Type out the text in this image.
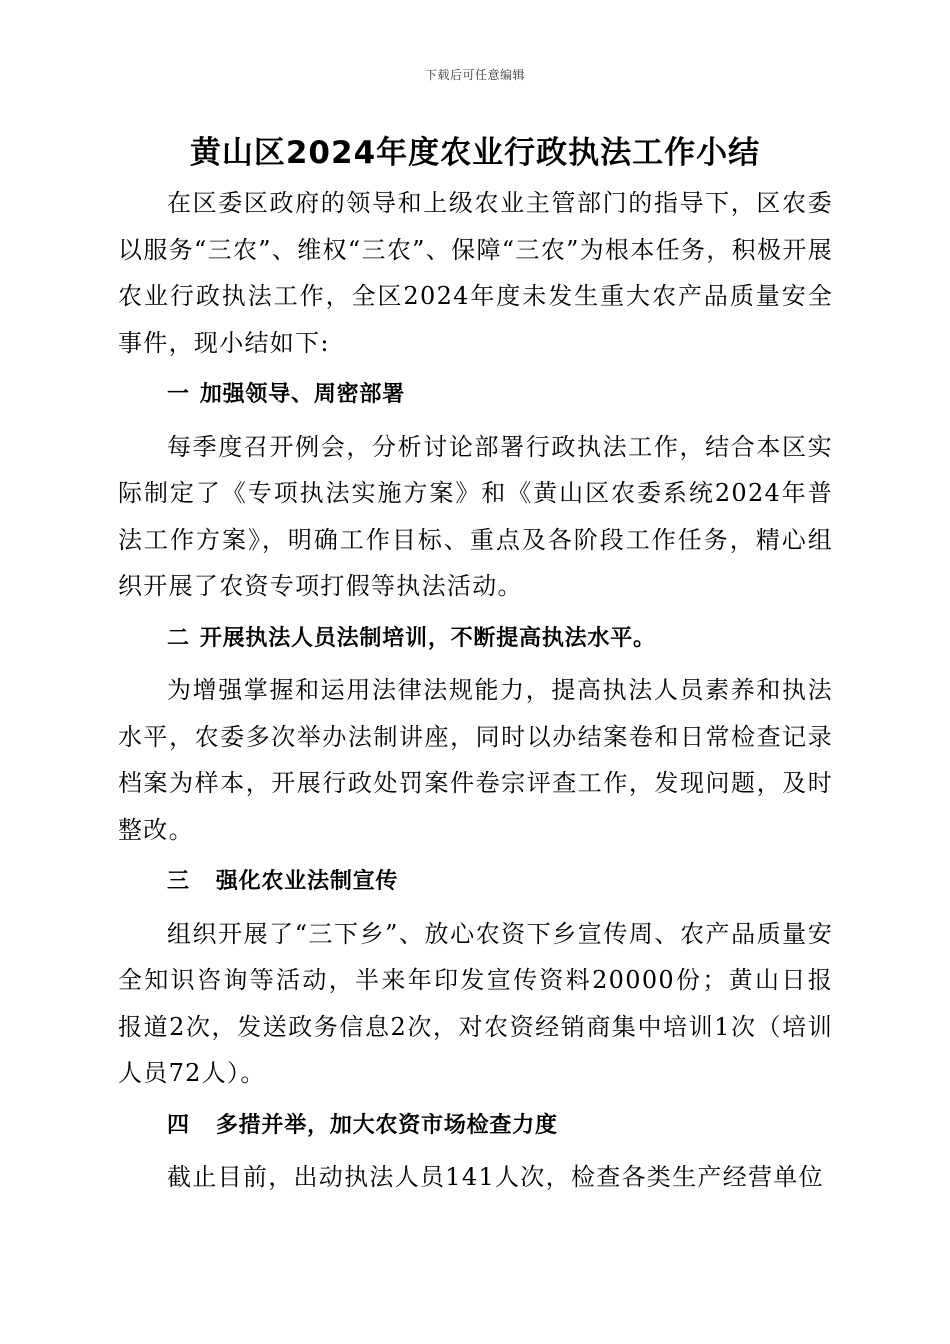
下载后可任意编辑
黄山区2024年度农业行政执法工作小结

在区委区政府的领导和上级农业主管部门的指导下，区农委以服务“三农”、维权“三农”、保障“三农”为根本任务，积极开展农业行政执法工作，全区2024年度未发生重大农产品质量安全事件，现小结如下:

一 加强领导、周密部署

每季度召开例会，分析讨论部署行政执法工作，结合本区实际制定了《专项执法实施方案》和《黄山区农委系统2024年普法工作方案》，明确工作目标、重点及各阶段工作任务，精心组织开展了农资专项打假等执法活动。

二 开展执法人员法制培训，不断提高执法水平。

为增强掌握和运用法律法规能力，提高执法人员素养和执法水平，农委多次举办法制讲座，同时以办结案卷和日常检查记录档案为样本，开展行政处罚案件卷宗评查工作，发现问题，及时整改。

三 强化农业法制宣传

组织开展了“三下乡”、放心农资下乡宣传周、农产品质量安全知识咨询等活动，半来年印发宣传资料20000份；黄山日报报道2次，发送政务信息2次，对农资经销商集中培训1次（培训人员72人）。

四 多措并举，加大农资市场检查力度

截止目前，出动执法人员141人次，检查各类生产经营单位
